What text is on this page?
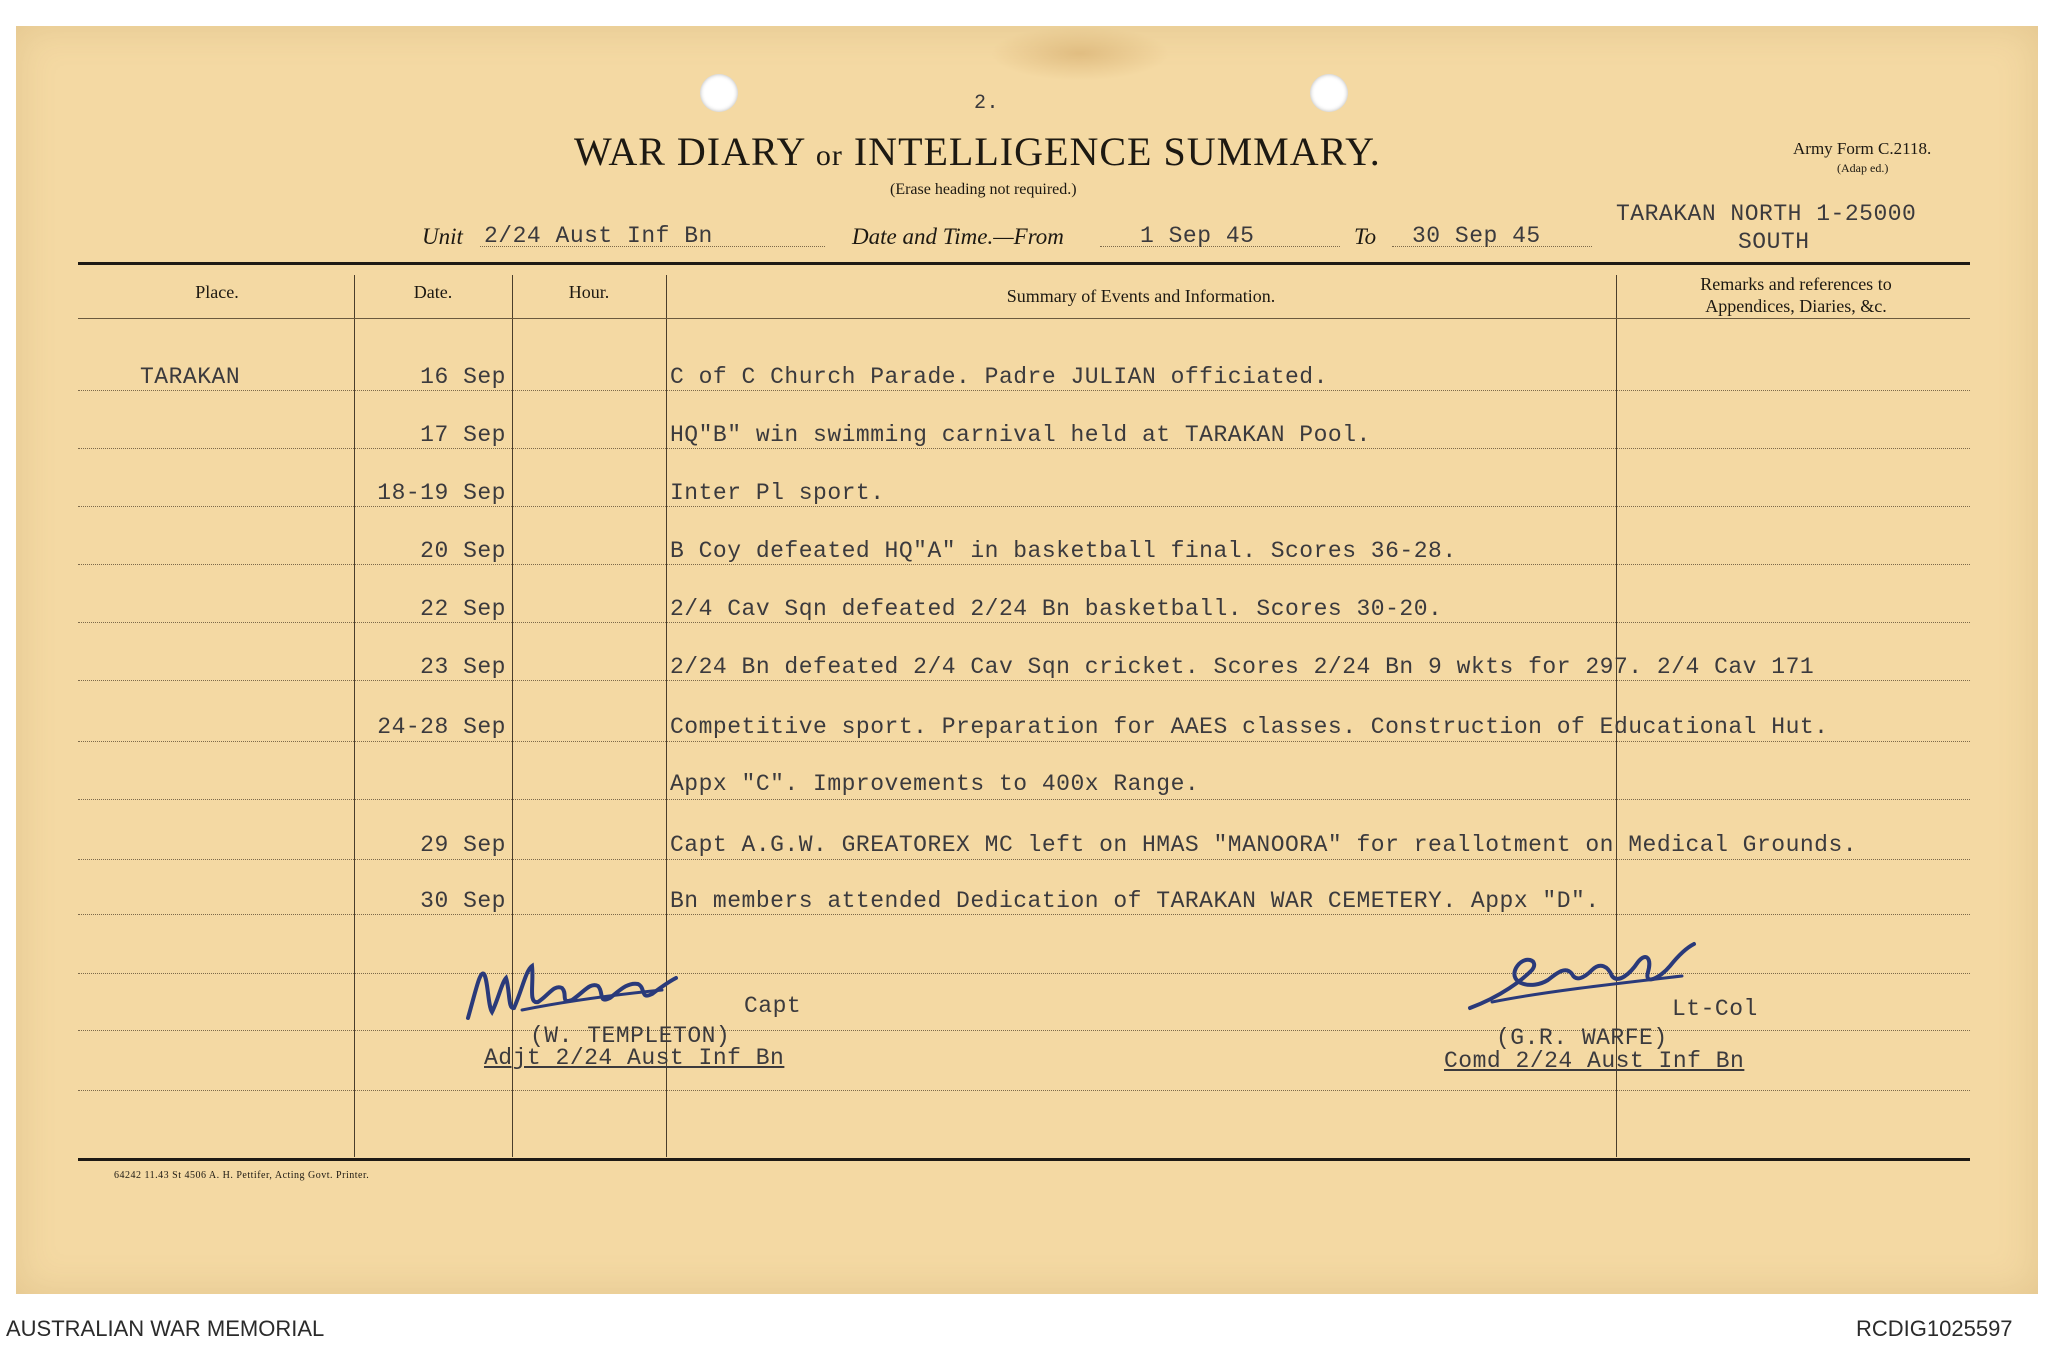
2.
WAR DIARY or INTELLIGENCE SUMMARY.
(Erase heading not required.)
Army Form C.2118.
(Adap ed.)
Unit 2/24 Aust Inf Bn	Date and Time.—From	1 Sep 45	To 30 Sep 45
TARAKAN NORTH 1-25000
SOUTH
Place.	Date.	Hour.	Summary of Events and Information.
Remarks and references to
Appendices, Diaries, &c.
TARAKAN	16 Sep	C of C Church Parade. Padre JULIAN officiated.
17 Sep	HQ"B" win swimming carnival held at TARAKAN Pool.
18-19 Sep	Inter Pl sport.
20 Sep	B Coy defeated HQ"A" in basketball final. Scores 36-28.
22 Sep	2/4 Cav Sqn defeated 2/24 Bn basketball. Scores 30-20.
23 Sep	2/24 Bn defeated 2/4 Cav Sqn cricket. Scores 2/24 Bn 9 wkts for 297. 2/4 Cav 171
24-28 Sep	Competitive sport. Preparation for AAES classes. Construction of Educational Hut.
Appx "C". Improvements to 400x Range.
29 Sep	Capt A.G.W. GREATOREX MC left on HMAS "MANOORA" for reallotment on Medical Grounds.
30 Sep	Bn members attended Dedication of TARAKAN WAR CEMETERY. Appx "D".
Capt
(W. TEMPLETON)
Adjt 2/24 Aust Inf Bn
Lt-Col
(G.R. WARFE)
Comd 2/24 Aust Inf Bn
64242 11.43 St 4506 A. H. Pettifer, Acting Govt. Printer.
AUSTRALIAN WAR MEMORIAL	RCDIG1025597
